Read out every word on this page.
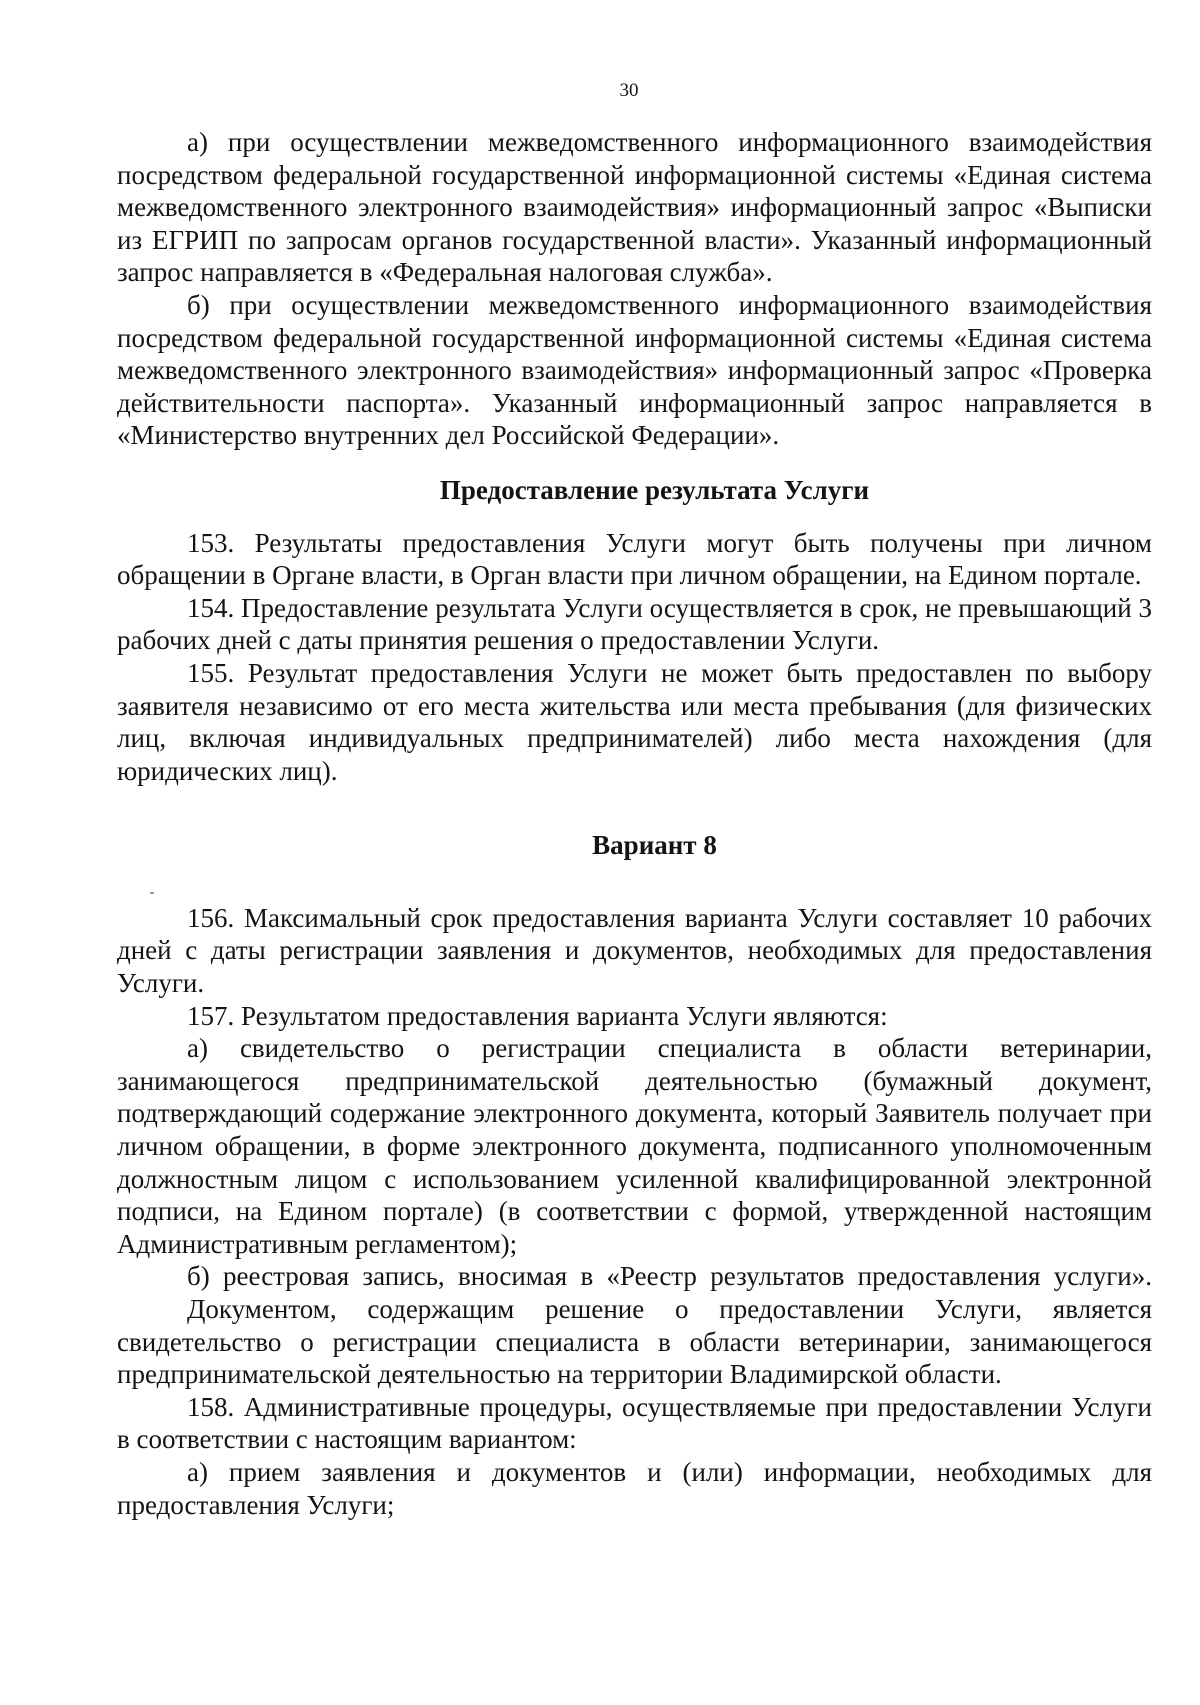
30

а) при осуществлении межведомственного информационного взаимодействия посредством федеральной государственной информационной системы «Единая система межведомственного электронного взаимодействия» информационный запрос «Выписки из ЕГРИП по запросам органов государственной власти». Указанный информационный запрос направляется в «Федеральная налоговая служба».

б) при осуществлении межведомственного информационного взаимодействия посредством федеральной государственной информационной системы «Единая система межведомственного электронного взаимодействия» информационный запрос «Проверка действительности паспорта». Указанный информационный запрос направляется в «Министерство внутренних дел Российской Федерации».

Предоставление результата Услуги

153. Результаты предоставления Услуги могут быть получены при личном обращении в Органе власти, в Орган власти при личном обращении, на Едином портале.

154. Предоставление результата Услуги осуществляется в срок, не превышающий 3 рабочих дней с даты принятия решения о предоставлении Услуги.

155. Результат предоставления Услуги не может быть предоставлен по выбору заявителя независимо от его места жительства или места пребывания (для физических лиц, включая индивидуальных предпринимателей) либо места нахождения (для юридических лиц).

Вариант 8

156. Максимальный срок предоставления варианта Услуги составляет 10 рабочих дней с даты регистрации заявления и документов, необходимых для предоставления Услуги.

157. Результатом предоставления варианта Услуги являются:

а) свидетельство о регистрации специалиста в области ветеринарии, занимающегося предпринимательской деятельностью (бумажный документ, подтверждающий содержание электронного документа, который Заявитель получает при личном обращении, в форме электронного документа, подписанного уполномоченным должностным лицом с использованием усиленной квалифицированной электронной подписи, на Едином портале) (в соответствии с формой, утвержденной настоящим Административным регламентом);

б) реестровая запись, вносимая в «Реестр результатов предоставления услуги».

Документом, содержащим решение о предоставлении Услуги, является свидетельство о регистрации специалиста в области ветеринарии, занимающегося предпринимательской деятельностью на территории Владимирской области.

158. Административные процедуры, осуществляемые при предоставлении Услуги в соответствии с настоящим вариантом:

а) прием заявления и документов и (или) информации, необходимых для предоставления Услуги;
